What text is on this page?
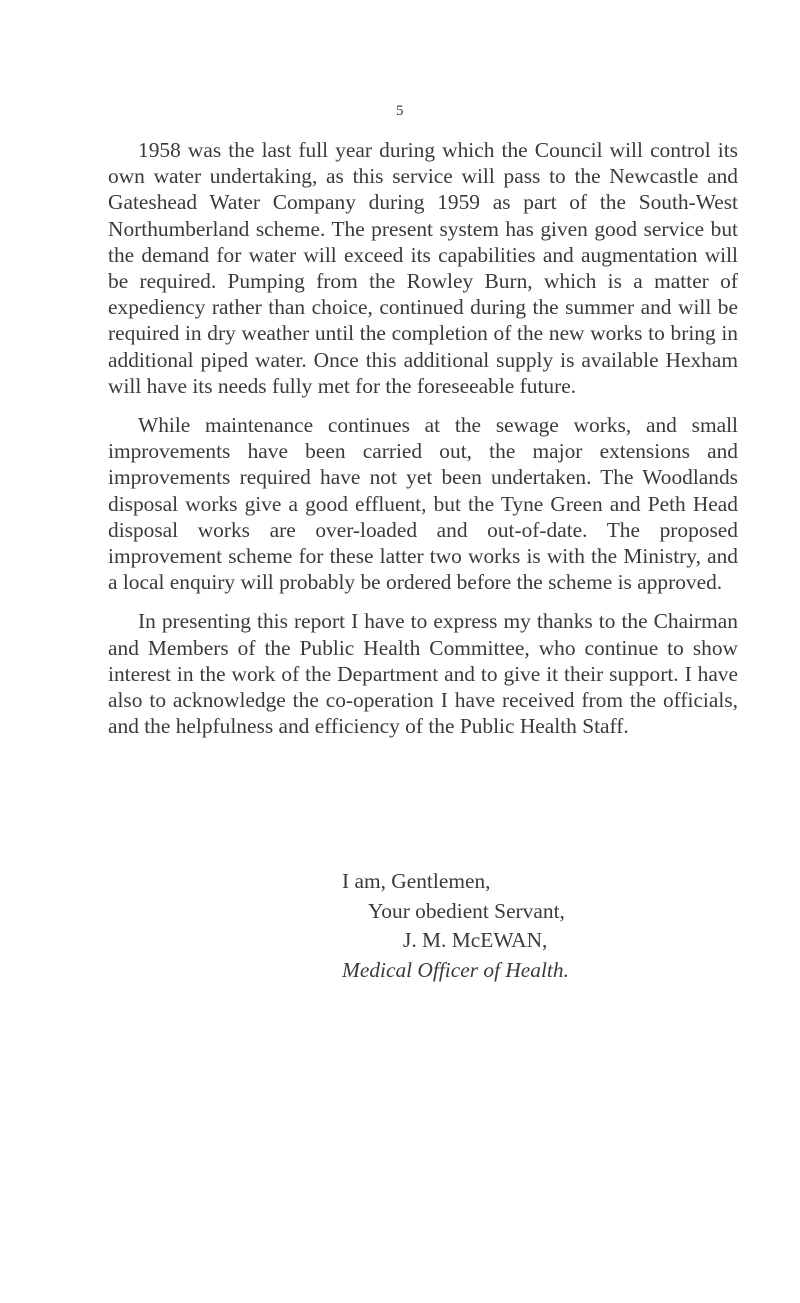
5

1958 was the last full year during which the Council will control its own water undertaking, as this service will pass to the Newcastle and Gateshead Water Company during 1959 as part of the South-West Northumberland scheme. The present system has given good service but the demand for water will exceed its capabilities and augmentation will be required. Pumping from the Rowley Burn, which is a matter of expediency rather than choice, continued during the summer and will be required in dry weather until the completion of the new works to bring in additional piped water. Once this additional supply is available Hexham will have its needs fully met for the foreseeable future.

While maintenance continues at the sewage works, and small improvements have been carried out, the major extensions and improvements required have not yet been undertaken. The Woodlands disposal works give a good effluent, but the Tyne Green and Peth Head disposal works are over-loaded and out-of-date. The proposed improvement scheme for these latter two works is with the Ministry, and a local enquiry will probably be ordered before the scheme is approved.

In presenting this report I have to express my thanks to the Chairman and Members of the Public Health Committee, who continue to show interest in the work of the Department and to give it their support. I have also to acknowledge the co-operation I have received from the officials, and the helpfulness and efficiency of the Public Health Staff.

I am, Gentlemen,
Your obedient Servant,
J. M. McEWAN,
Medical Officer of Health.
